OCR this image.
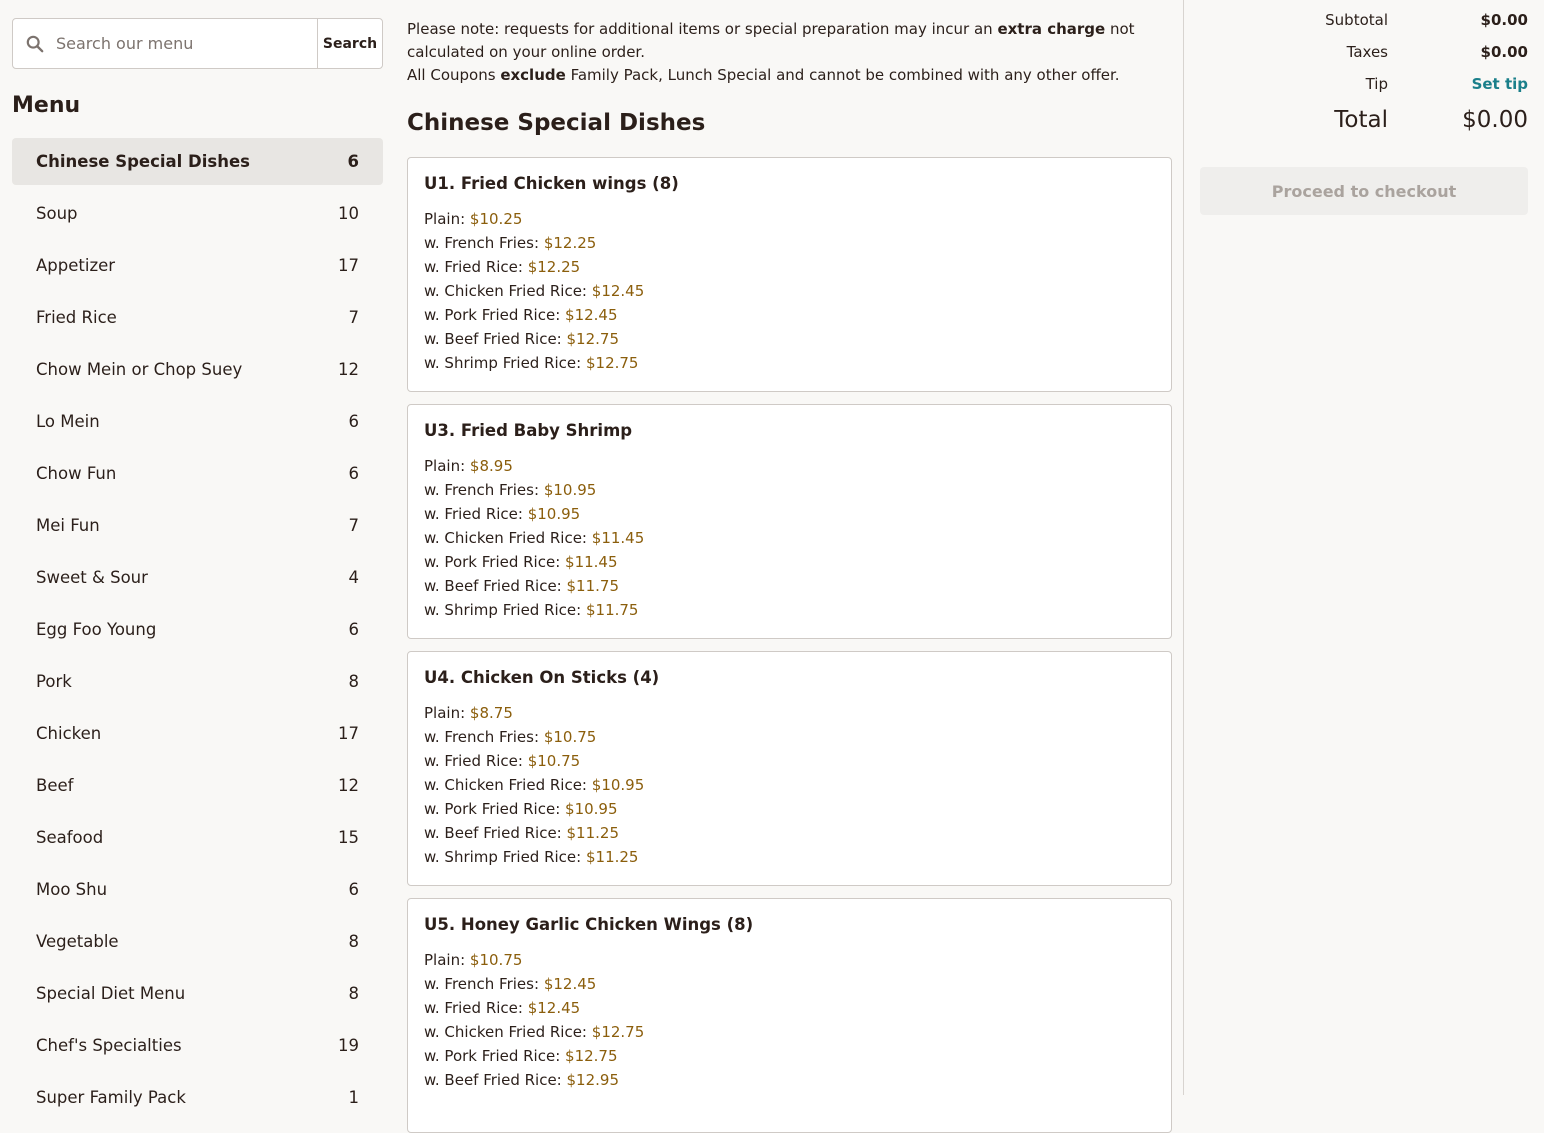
Search our menu
Search
Menu
Chinese Special Dishes	6
Soup	10
Appetizer	17
Fried Rice	7
Chow Mein or Chop Suey	12
Lo Mein	6
Chow Fun	6
Mei Fun	7
Sweet & Sour	4
Egg Foo Young	6
Pork	8
Chicken	17
Beef	12
Seafood	15
Moo Shu	6
Vegetable	8
Special Diet Menu	8
Chef's Specialties	19
Super Family Pack	1

Please note: requests for additional items or special preparation may incur an extra charge not calculated on your online order.
All Coupons exclude Family Pack, Lunch Special and cannot be combined with any other offer.

Chinese Special Dishes
U1. Fried Chicken wings (8)
Plain: $10.25
w. French Fries: $12.25
w. Fried Rice: $12.25
w. Chicken Fried Rice: $12.45
w. Pork Fried Rice: $12.45
w. Beef Fried Rice: $12.75
w. Shrimp Fried Rice: $12.75
U3. Fried Baby Shrimp
Plain: $8.95
w. French Fries: $10.95
w. Fried Rice: $10.95
w. Chicken Fried Rice: $11.45
w. Pork Fried Rice: $11.45
w. Beef Fried Rice: $11.75
w. Shrimp Fried Rice: $11.75
U4. Chicken On Sticks (4)
Plain: $8.75
w. French Fries: $10.75
w. Fried Rice: $10.75
w. Chicken Fried Rice: $10.95
w. Pork Fried Rice: $10.95
w. Beef Fried Rice: $11.25
w. Shrimp Fried Rice: $11.25
U5. Honey Garlic Chicken Wings (8)
Plain: $10.75
w. French Fries: $12.45
w. Fried Rice: $12.45
w. Chicken Fried Rice: $12.75
w. Pork Fried Rice: $12.75
w. Beef Fried Rice: $12.95
Subtotal	$0.00
Taxes	$0.00
Tip	Set tip
Total	$0.00
Proceed to checkout
